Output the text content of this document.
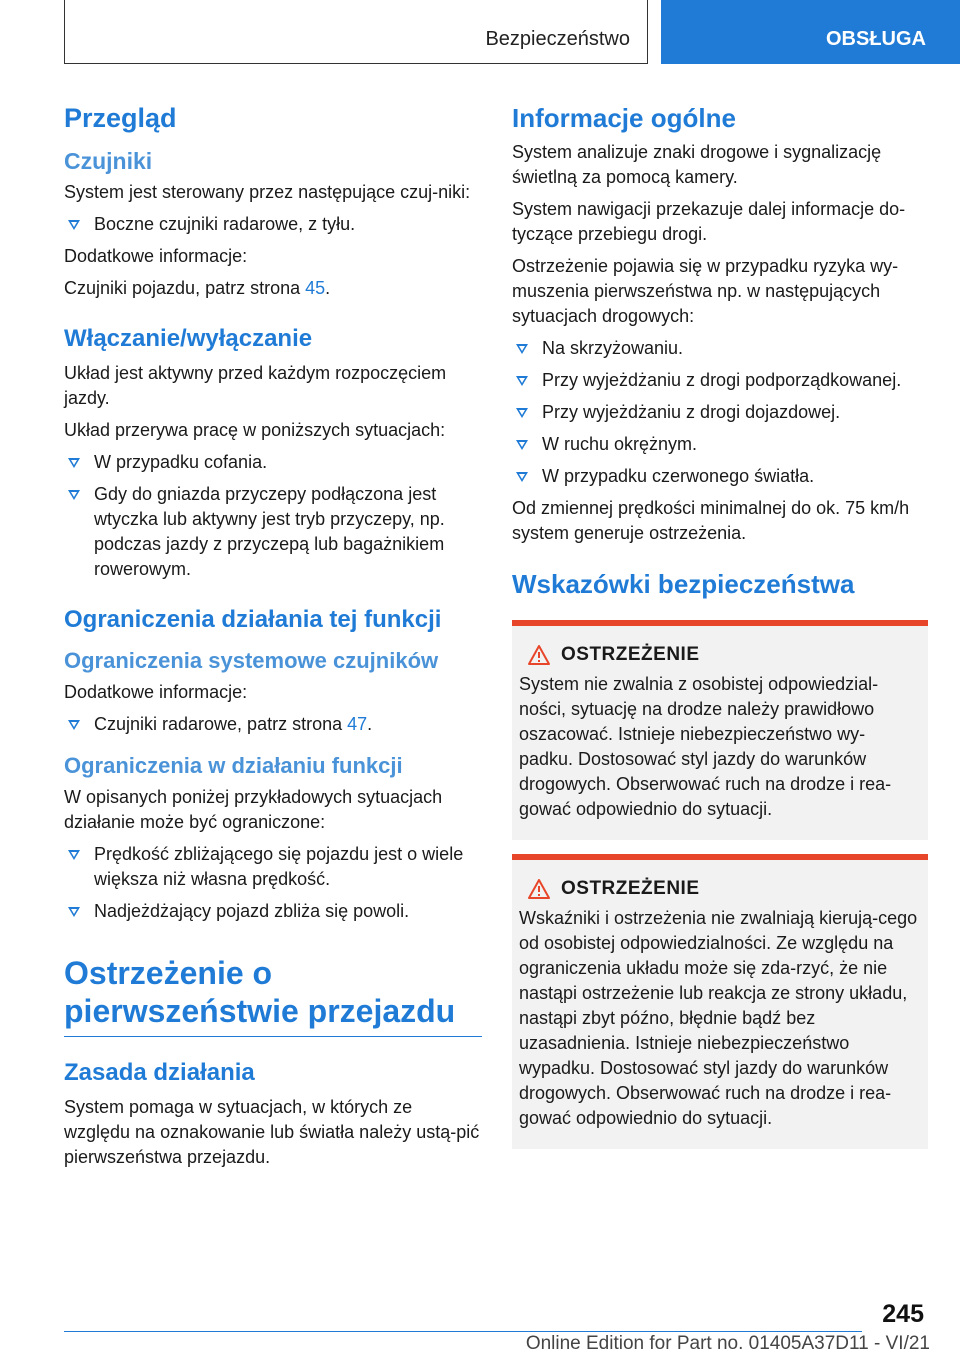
Bezpieczeństwo	OBSŁUGA
Przegląd
Czujniki

System jest sterowany przez następujące czuj-niki:

Boczne czujniki radarowe, z tyłu.

Dodatkowe informacje:

Czujniki pojazdu, patrz strona 45.

Włączanie/wyłączanie

Układ jest aktywny przed każdym rozpoczęciem jazdy.

Układ przerywa pracę w poniższych sytuacjach:

W przypadku cofania.
Gdy do gniazda przyczepy podłączona jest wtyczka lub aktywny jest tryb przyczepy, np. podczas jazdy z przyczepą lub bagażnikiem rowerowym.
Ograniczenia działania tej funkcji
Ograniczenia systemowe czujników

Dodatkowe informacje:

Czujniki radarowe, patrz strona 47.
Ograniczenia w działaniu funkcji

W opisanych poniżej przykładowych sytuacjach działanie może być ograniczone:

Prędkość zbliżającego się pojazdu jest o wiele większa niż własna prędkość.
Nadjeżdżający pojazd zbliża się powoli.
Ostrzeżenie o pierwszeństwie przejazdu
Zasada działania

System pomaga w sytuacjach, w których ze względu na oznakowanie lub światła należy ustą-pić pierwszeństwa przejazdu.

Informacje ogólne

System analizuje znaki drogowe i sygnalizację świetlną za pomocą kamery.

System nawigacji przekazuje dalej informacje do-tyczące przebiegu drogi.

Ostrzeżenie pojawia się w przypadku ryzyka wy-muszenia pierwszeństwa np. w następujących sytuacjach drogowych:

Na skrzyżowaniu.
Przy wyjeżdżaniu z drogi podporządkowanej.
Przy wyjeżdżaniu z drogi dojazdowej.
W ruchu okrężnym.
W przypadku czerwonego światła.

Od zmiennej prędkości minimalnej do ok. 75 km/h system generuje ostrzeżenia.

Wskazówki bezpieczeństwa
OSTRZEŻENIE

System nie zwalnia z osobistej odpowiedzial-ności, sytuację na drodze należy prawidłowo oszacować. Istnieje niebezpieczeństwo wy-padku. Dostosować styl jazdy do warunków drogowych. Obserwować ruch na drodze i rea-gować odpowiednio do sytuacji.

OSTRZEŻENIE

Wskaźniki i ostrzeżenia nie zwalniają kierują-cego od osobistej odpowiedzialności. Ze względu na ograniczenia układu może się zda-rzyć, że nie nastąpi ostrzeżenie lub reakcja ze strony układu, nastąpi zbyt późno, błędnie bądź bez uzasadnienia. Istnieje niebezpieczeństwo wypadku. Dostosować styl jazdy do warunków drogowych. Obserwować ruch na drodze i rea-gować odpowiednio do sytuacji.

245
Online Edition for Part no. 01405A37D11 - VI/21
